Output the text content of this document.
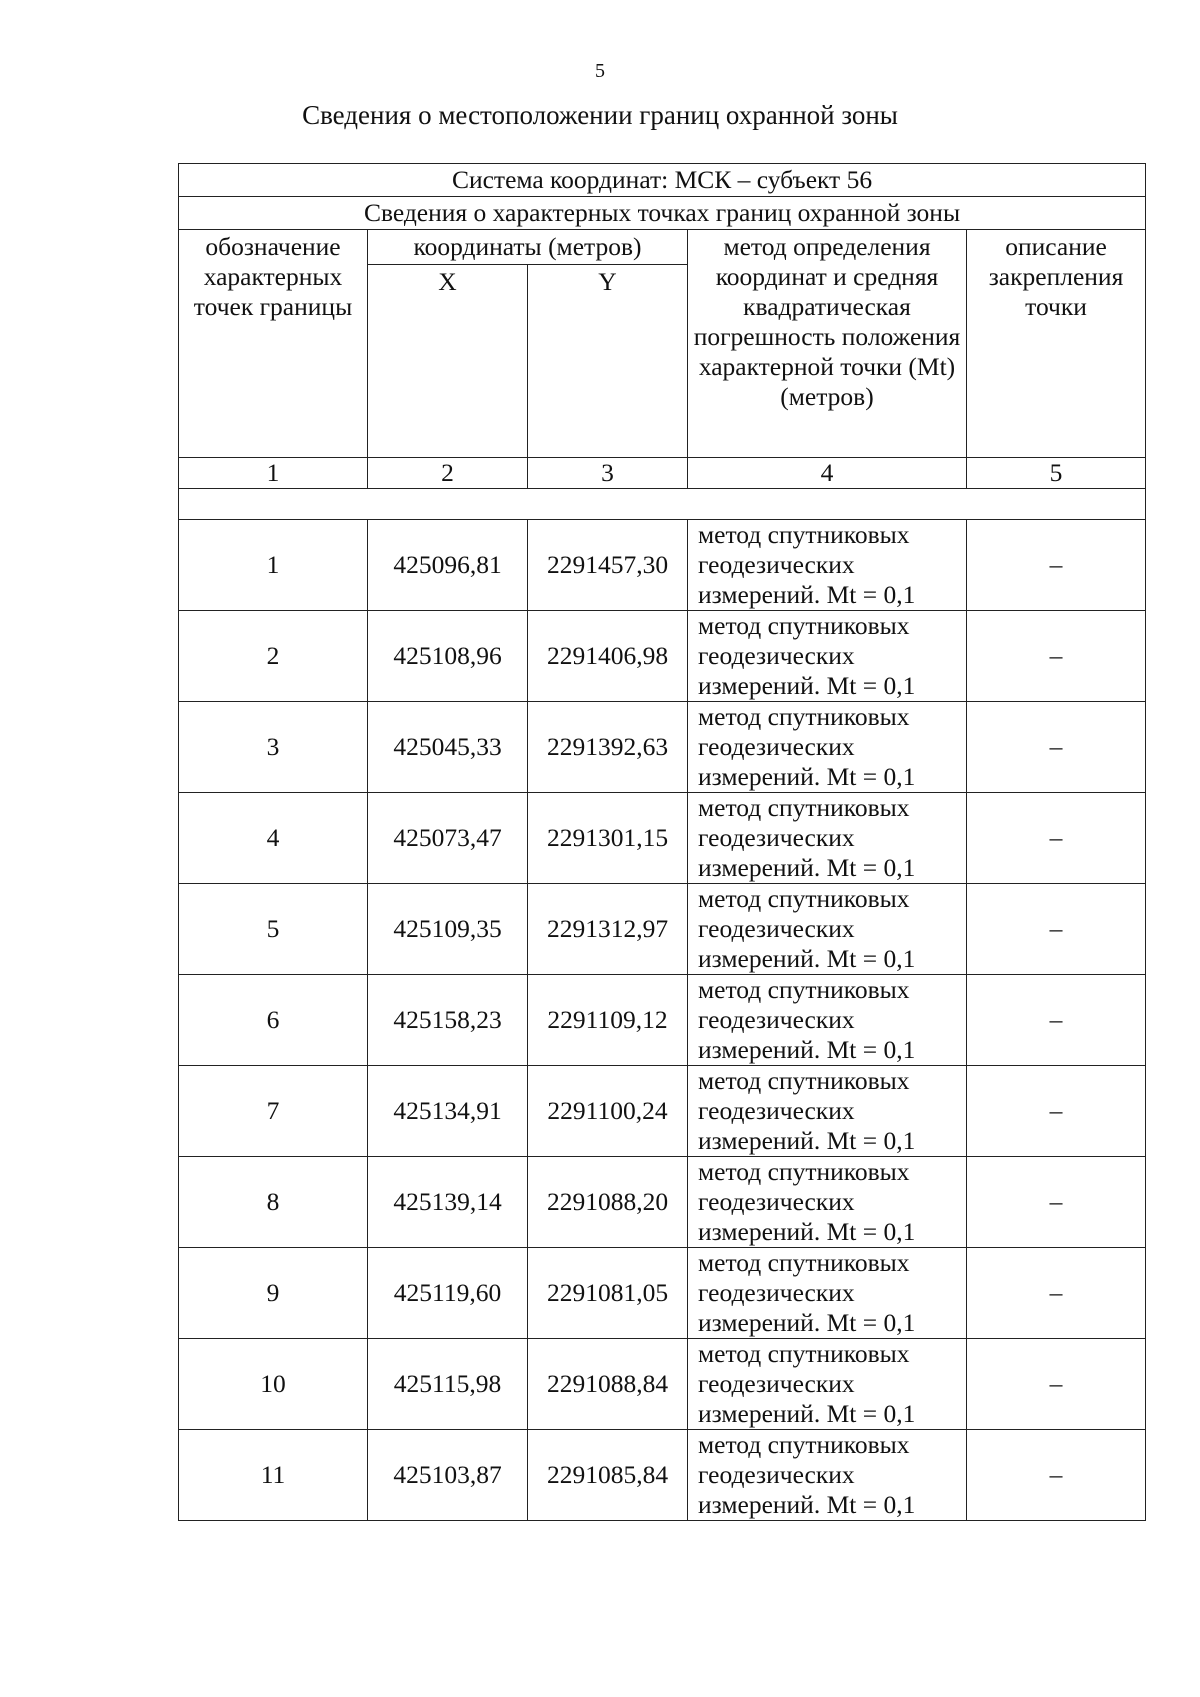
5
Сведения о местоположении границ охранной зоны
Система координат: МСК – субъект 56				
Сведения о характерных точках границ охранной зоны				
обозначение характерных точек границы	координаты (метров)		метод определения координат и средняя квадратическая погрешность положения характерной точки (Mt) (метров)	описание закрепления точки
	X	Y		
1	2	3	4	5

1	425096,81	2291457,30	метод спутниковых геодезических измерений. Mt = 0,1	–
2	425108,96	2291406,98	метод спутниковых геодезических измерений. Mt = 0,1	–
3	425045,33	2291392,63	метод спутниковых геодезических измерений. Mt = 0,1	–
4	425073,47	2291301,15	метод спутниковых геодезических измерений. Mt = 0,1	–
5	425109,35	2291312,97	метод спутниковых геодезических измерений. Mt = 0,1	–
6	425158,23	2291109,12	метод спутниковых геодезических измерений. Mt = 0,1	–
7	425134,91	2291100,24	метод спутниковых геодезических измерений. Mt = 0,1	–
8	425139,14	2291088,20	метод спутниковых геодезических измерений. Mt = 0,1	–
9	425119,60	2291081,05	метод спутниковых геодезических измерений. Mt = 0,1	–
10	425115,98	2291088,84	метод спутниковых геодезических измерений. Mt = 0,1	–
11	425103,87	2291085,84	метод спутниковых геодезических измерений. Mt = 0,1	–
